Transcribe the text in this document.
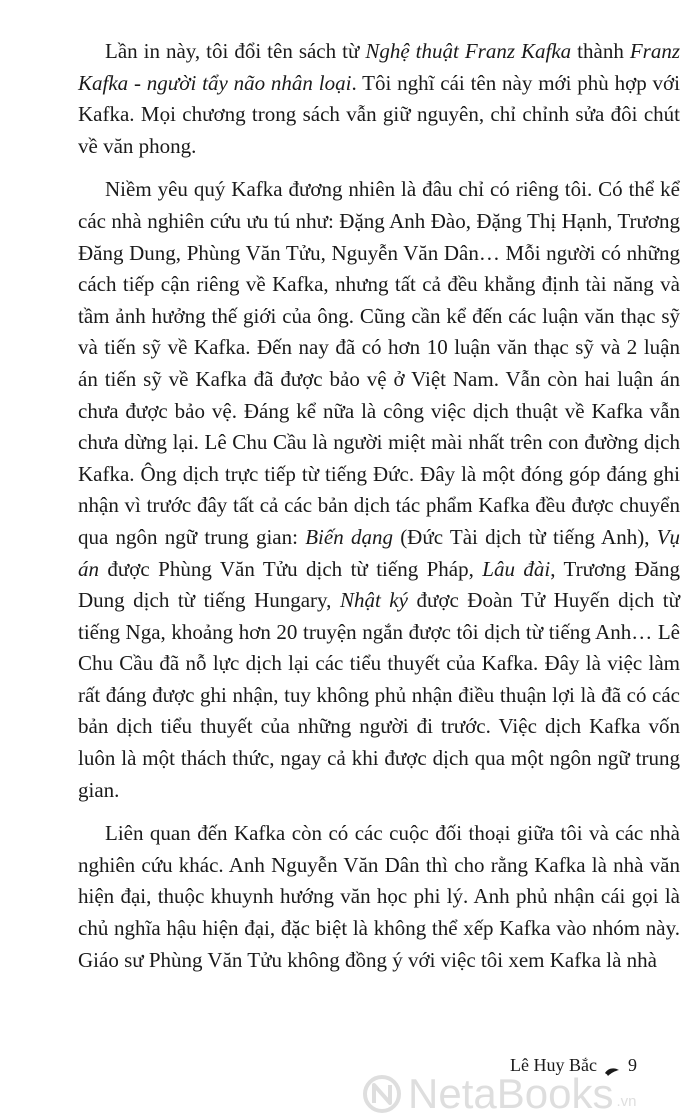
Lần in này, tôi đổi tên sách từ Nghệ thuật Franz Kafka thành Franz Kafka - người tẩy não nhân loại. Tôi nghĩ cái tên này mới phù hợp với Kafka. Mọi chương trong sách vẫn giữ nguyên, chỉ chỉnh sửa đôi chút về văn phong.

Niềm yêu quý Kafka đương nhiên là đâu chỉ có riêng tôi. Có thể kể các nhà nghiên cứu ưu tú như: Đặng Anh Đào, Đặng Thị Hạnh, Trương Đăng Dung, Phùng Văn Tửu, Nguyễn Văn Dân… Mỗi người có những cách tiếp cận riêng về Kafka, nhưng tất cả đều khẳng định tài năng và tầm ảnh hưởng thế giới của ông. Cũng cần kể đến các luận văn thạc sỹ và tiến sỹ về Kafka. Đến nay đã có hơn 10 luận văn thạc sỹ và 2 luận án tiến sỹ về Kafka đã được bảo vệ ở Việt Nam. Vẫn còn hai luận án chưa được bảo vệ. Đáng kể nữa là công việc dịch thuật về Kafka vẫn chưa dừng lại. Lê Chu Cầu là người miệt mài nhất trên con đường dịch Kafka. Ông dịch trực tiếp từ tiếng Đức. Đây là một đóng góp đáng ghi nhận vì trước đây tất cả các bản dịch tác phẩm Kafka đều được chuyển qua ngôn ngữ trung gian: Biến dạng (Đức Tài dịch từ tiếng Anh), Vụ án được Phùng Văn Tửu dịch từ tiếng Pháp, Lâu đài, Trương Đăng Dung dịch từ tiếng Hungary, Nhật ký được Đoàn Tử Huyến dịch từ tiếng Nga, khoảng hơn 20 truyện ngắn được tôi dịch từ tiếng Anh… Lê Chu Cầu đã nỗ lực dịch lại các tiểu thuyết của Kafka. Đây là việc làm rất đáng được ghi nhận, tuy không phủ nhận điều thuận lợi là đã có các bản dịch tiểu thuyết của những người đi trước. Việc dịch Kafka vốn luôn là một thách thức, ngay cả khi được dịch qua một ngôn ngữ trung gian.

Liên quan đến Kafka còn có các cuộc đối thoại giữa tôi và các nhà nghiên cứu khác. Anh Nguyễn Văn Dân thì cho rằng Kafka là nhà văn hiện đại, thuộc khuynh hướng văn học phi lý. Anh phủ nhận cái gọi là chủ nghĩa hậu hiện đại, đặc biệt là không thể xếp Kafka vào nhóm này. Giáo sư Phùng Văn Tửu không đồng ý với việc tôi xem Kafka là nhà

Lê Huy Bắc 9
NetaBooks .vn
